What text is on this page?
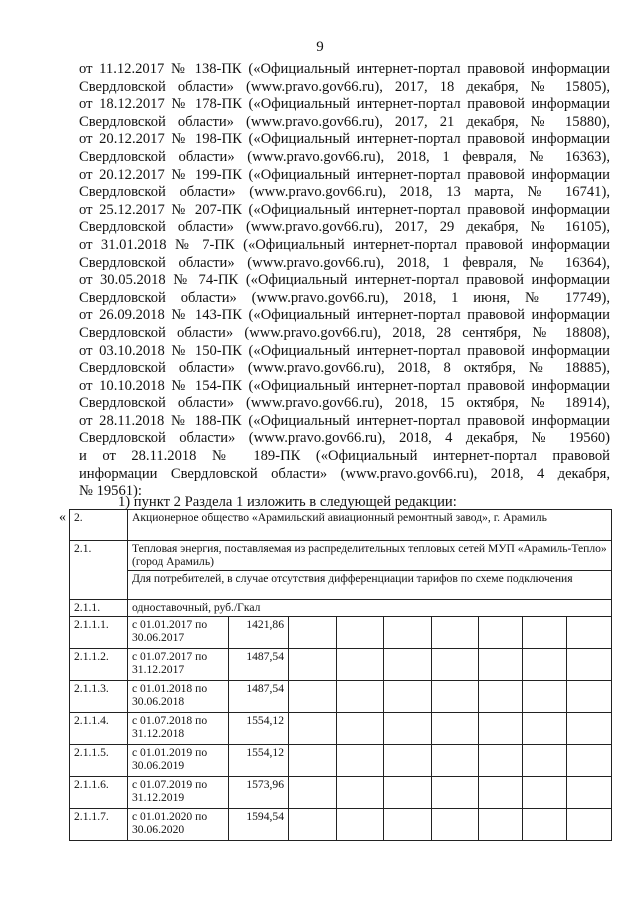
9
от 11.12.2017 № 138-ПК («Официальный интернет-портал правовой информации
Свердловской области» (www.pravo.gov66.ru), 2017, 18 декабря, № 15805),
от 18.12.2017 № 178-ПК («Официальный интернет-портал правовой информации
Свердловской области» (www.pravo.gov66.ru), 2017, 21 декабря, № 15880),
от 20.12.2017 № 198-ПК («Официальный интернет-портал правовой информации
Свердловской области» (www.pravo.gov66.ru), 2018, 1 февраля, № 16363),
от 20.12.2017 № 199-ПК («Официальный интернет-портал правовой информации
Свердловской области» (www.pravo.gov66.ru), 2018, 13 марта, № 16741),
от 25.12.2017 № 207-ПК («Официальный интернет-портал правовой информации
Свердловской области» (www.pravo.gov66.ru), 2017, 29 декабря, № 16105),
от 31.01.2018 № 7-ПК («Официальный интернет-портал правовой информации
Свердловской области» (www.pravo.gov66.ru), 2018, 1 февраля, № 16364),
от 30.05.2018 № 74-ПК («Официальный интернет-портал правовой информации
Свердловской области» (www.pravo.gov66.ru), 2018, 1 июня, № 17749),
от 26.09.2018 № 143-ПК («Официальный интернет-портал правовой информации
Свердловской области» (www.pravo.gov66.ru), 2018, 28 сентября, № 18808),
от 03.10.2018 № 150-ПК («Официальный интернет-портал правовой информации
Свердловской области» (www.pravo.gov66.ru), 2018, 8 октября, № 18885),
от 10.10.2018 № 154-ПК («Официальный интернет-портал правовой информации
Свердловской области» (www.pravo.gov66.ru), 2018, 15 октября, № 18914),
от 28.11.2018 № 188-ПК («Официальный интернет-портал правовой информации
Свердловской области» (www.pravo.gov66.ru), 2018, 4 декабря, № 19560)
и от 28.11.2018 № 189-ПК («Официальный интернет-портал правовой
информации Свердловской области» (www.pravo.gov66.ru), 2018, 4 декабря,
№ 19561):
1) пункт 2 Раздела 1 изложить в следующей редакции:
« 2.	Акционерное общество «Арамильский авиационный ремонтный завод», г. Арамиль								
2.1.	Тепловая энергия, поставляемая из распределительных тепловых сетей МУП «Арамиль-Тепло» (город Арамиль)								
	Для потребителей, в случае отсутствия дифференциации тарифов по схеме подключения								
2.1.1.	одноставочный, руб./Гкал								
2.1.1.1.	с 01.01.2017 по 30.06.2017	1421,86							
2.1.1.2.	с 01.07.2017 по 31.12.2017	1487,54							
2.1.1.3.	с 01.01.2018 по 30.06.2018	1487,54							
2.1.1.4.	с 01.07.2018 по 31.12.2018	1554,12							
2.1.1.5.	с 01.01.2019 по 30.06.2019	1554,12							
2.1.1.6.	с 01.07.2019 по 31.12.2019	1573,96							
2.1.1.7.	с 01.01.2020 по 30.06.2020	1594,54							
